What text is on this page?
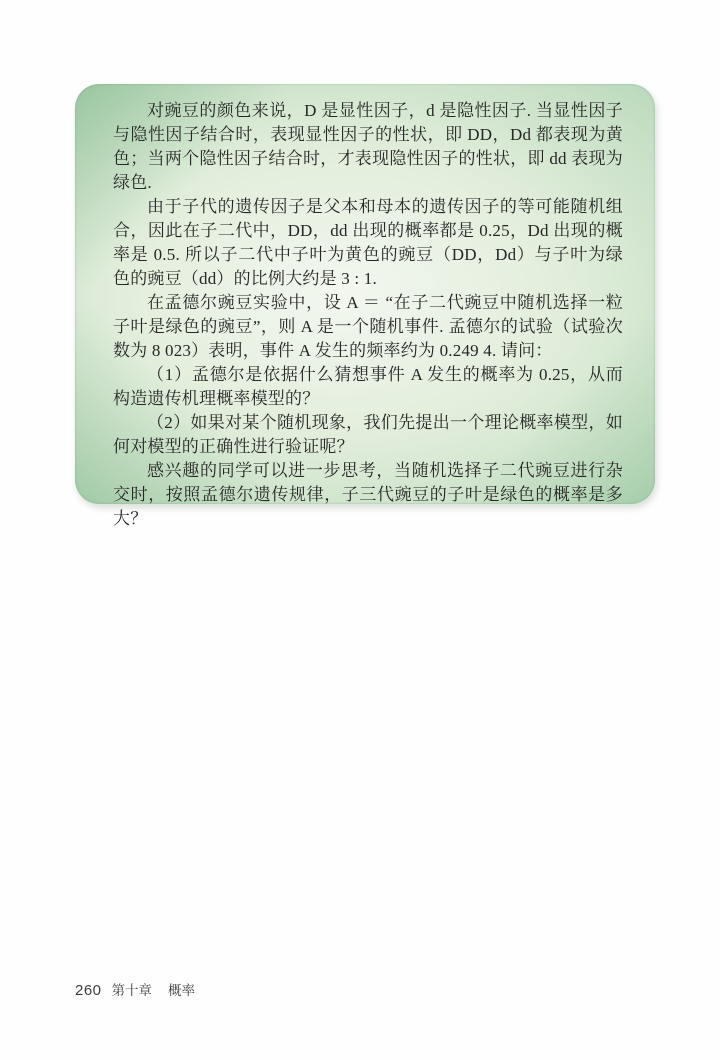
对豌豆的颜色来说，D 是显性因子，d 是隐性因子. 当显性因子与隐性因子结合时，表现显性因子的性状，即 DD，Dd 都表现为黄色；当两个隐性因子结合时，才表现隐性因子的性状，即 dd 表现为绿色.

由于子代的遗传因子是父本和母本的遗传因子的等可能随机组合，因此在子二代中，DD，dd 出现的概率都是 0.25，Dd 出现的概率是 0.5. 所以子二代中子叶为黄色的豌豆（DD，Dd）与子叶为绿色的豌豆（dd）的比例大约是 3 : 1.

在孟德尔豌豆实验中，设 A ＝ “在子二代豌豆中随机选择一粒子叶是绿色的豌豆”，则 A 是一个随机事件. 孟德尔的试验（试验次数为 8 023）表明，事件 A 发生的频率约为 0.249 4. 请问：

（1）孟德尔是依据什么猜想事件 A 发生的概率为 0.25，从而构造遗传机理概率模型的？

（2）如果对某个随机现象，我们先提出一个理论概率模型，如何对模型的正确性进行验证呢？

感兴趣的同学可以进一步思考，当随机选择子二代豌豆进行杂交时，按照孟德尔遗传规律，子三代豌豆的子叶是绿色的概率是多大？

260 第十章 概率
